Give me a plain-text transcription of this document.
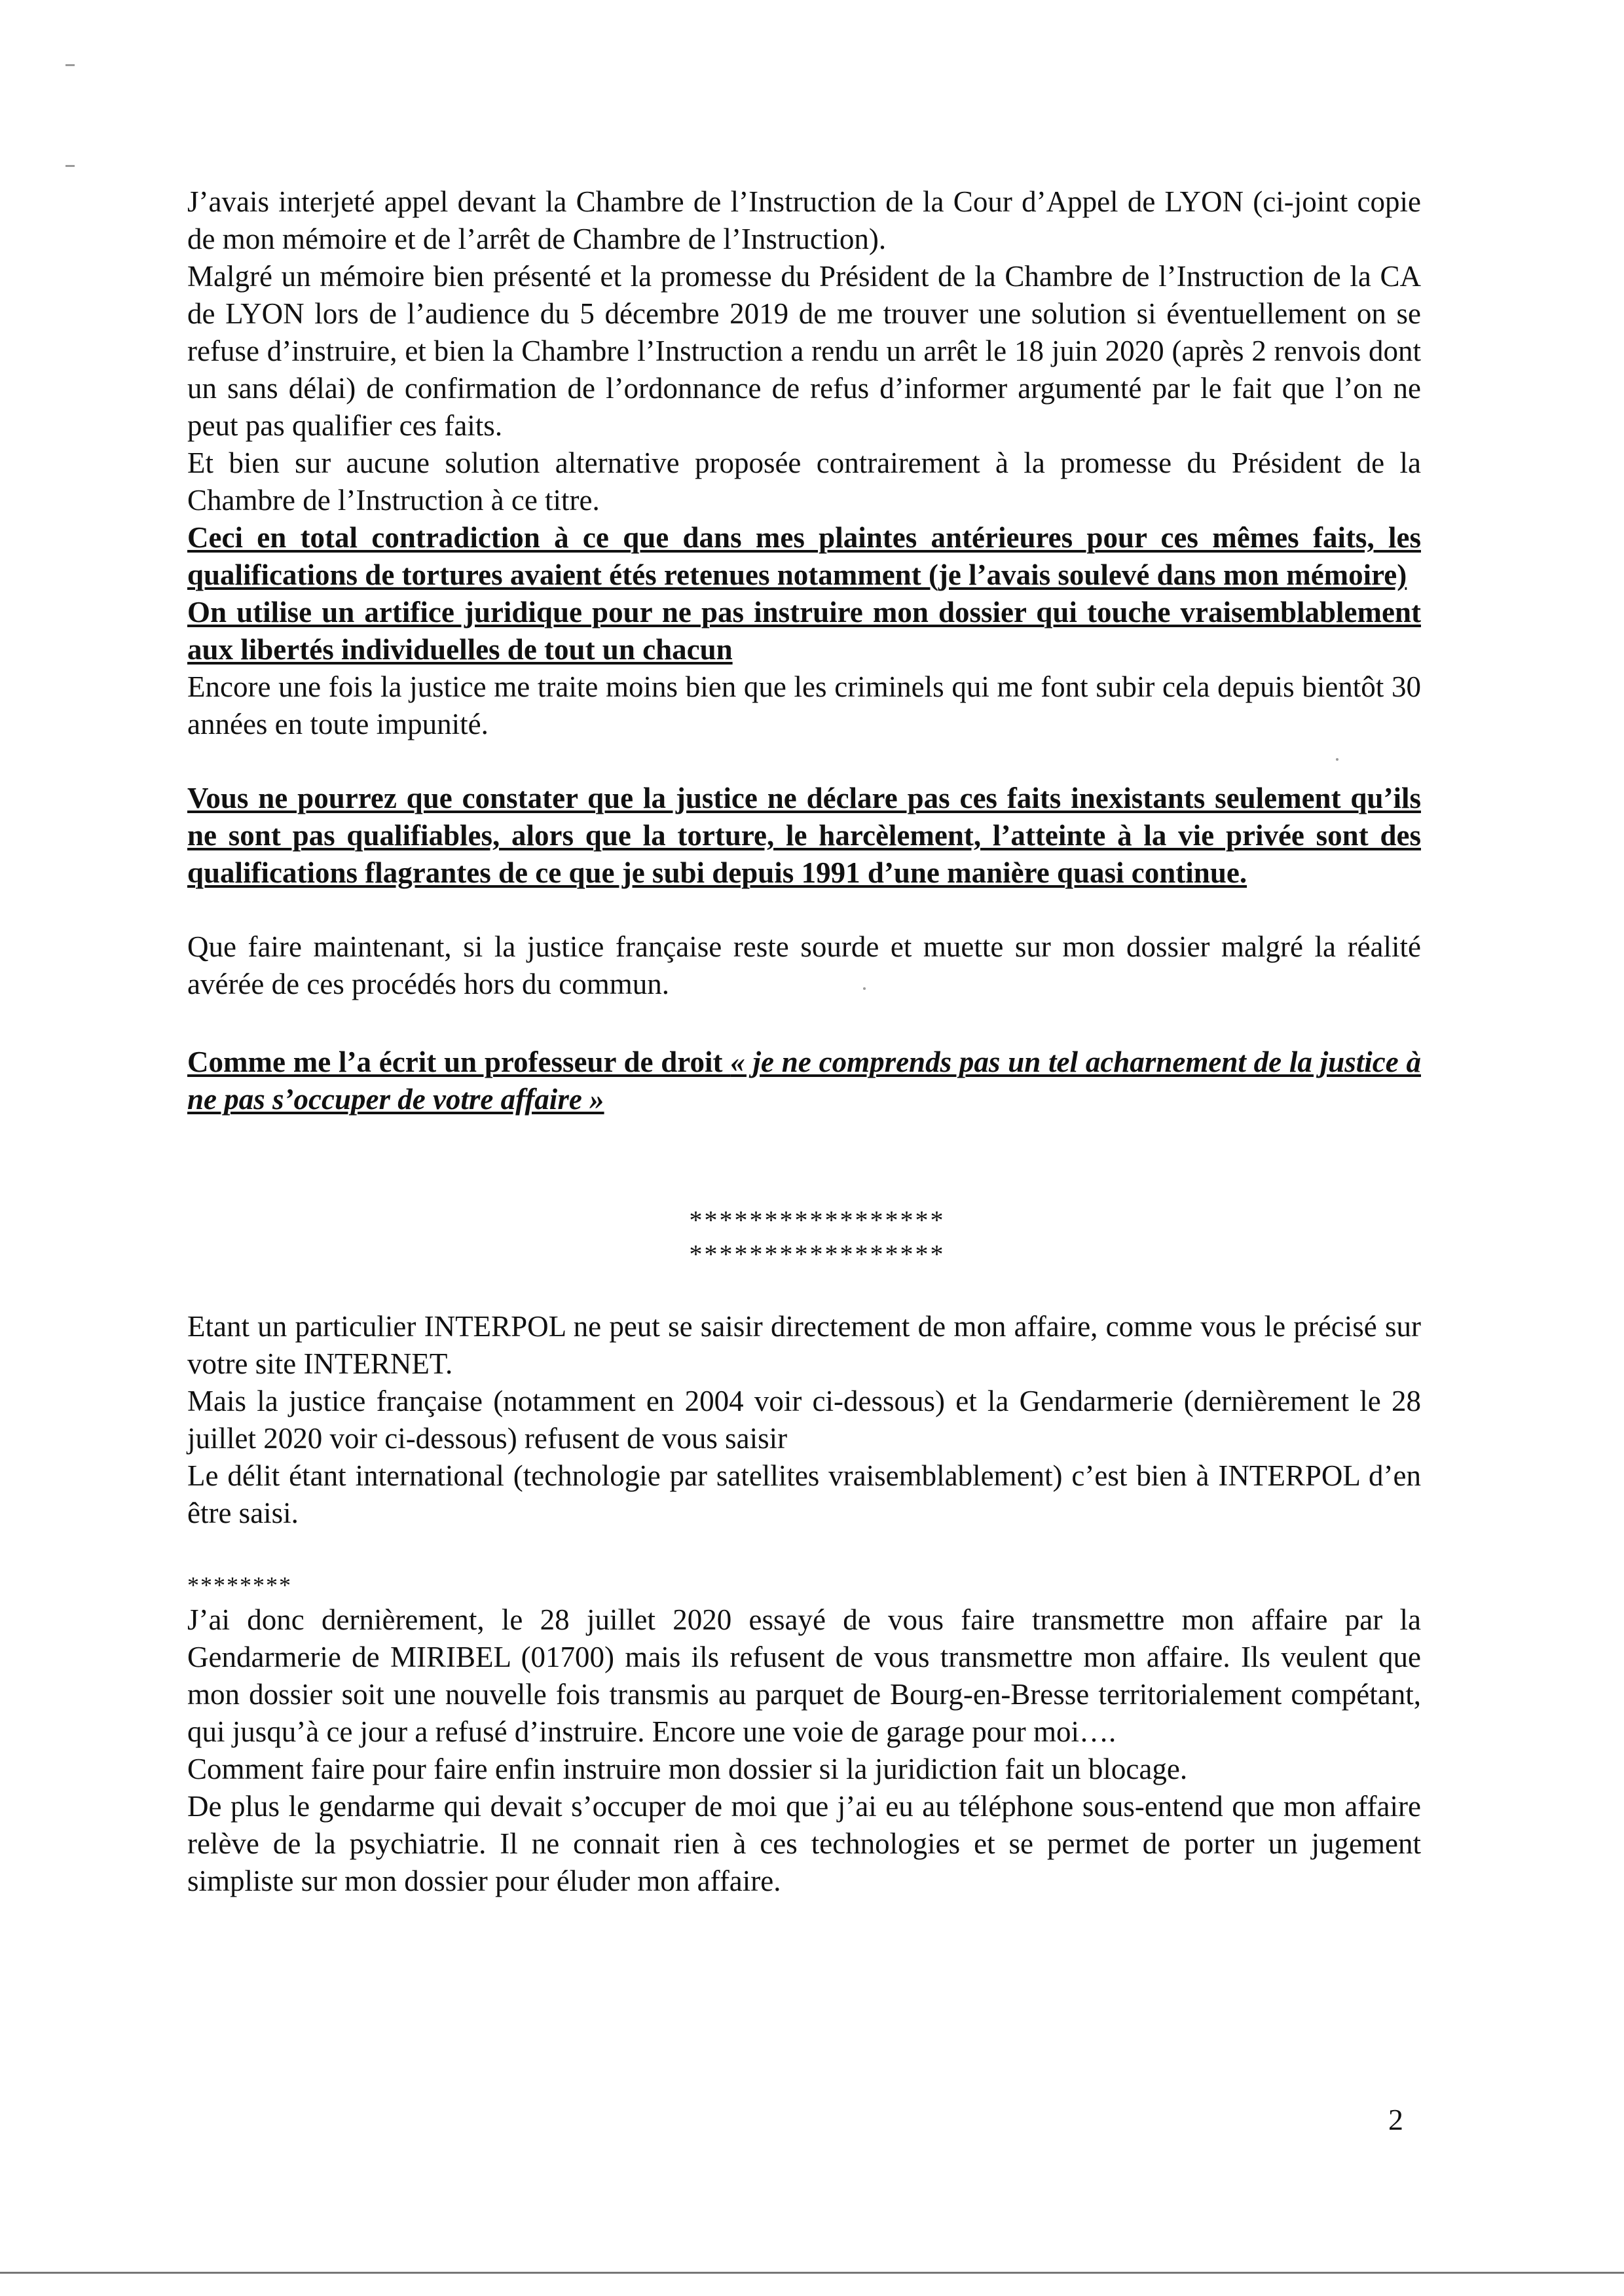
J’avais interjeté appel devant la Chambre de l’Instruction de la Cour d’Appel de LYON (ci-joint copie de mon mémoire et de l’arrêt de Chambre de l’Instruction).

Malgré un mémoire bien présenté et la promesse du Président de la Chambre de l’Instruction de la CA de LYON lors de l’audience du 5 décembre 2019 de me trouver une solution si éventuellement on se refuse d’instruire, et bien la Chambre l’Instruction a rendu un arrêt le 18 juin 2020 (après 2 renvois dont un sans délai) de confirmation de l’ordonnance de refus d’informer argumenté par le fait que l’on ne peut pas qualifier ces faits.

Et bien sur aucune solution alternative proposée contrairement à la promesse du Président de la Chambre de l’Instruction à ce titre.

Ceci en total contradiction à ce que dans mes plaintes antérieures pour ces mêmes faits, les qualifications de tortures avaient étés retenues notamment (je l’avais soulevé dans mon mémoire)

On utilise un artifice juridique pour ne pas instruire mon dossier qui touche vraisemblablement aux libertés individuelles de tout un chacun

Encore une fois la justice me traite moins bien que les criminels qui me font subir cela depuis bientôt 30 années en toute impunité.

Vous ne pourrez que constater que la justice ne déclare pas ces faits inexistants seulement qu’ils ne sont pas qualifiables, alors que la torture, le harcèlement, l’atteinte à la vie privée sont des qualifications flagrantes de ce que je subi depuis 1991 d’une manière quasi continue.

Que faire maintenant, si la justice française reste sourde et muette sur mon dossier malgré la réalité avérée de ces procédés hors du commun.

Comme me l’a écrit un professeur de droit « je ne comprends pas un tel acharnement de la justice à ne pas s’occuper de votre affaire »

*****************

*****************

Etant un particulier INTERPOL ne peut se saisir directement de mon affaire, comme vous le précisé sur votre site INTERNET.

Mais la justice française (notamment en 2004 voir ci-dessous) et la Gendarmerie (dernièrement le 28 juillet 2020 voir ci-dessous) refusent de vous saisir

Le délit étant international (technologie par satellites vraisemblablement) c’est bien à INTERPOL d’en être saisi.

********

J’ai donc dernièrement, le 28 juillet 2020 essayé de vous faire transmettre mon affaire par la Gendarmerie de MIRIBEL (01700) mais ils refusent de vous transmettre mon affaire. Ils veulent que mon dossier soit une nouvelle fois transmis au parquet de Bourg-en-Bresse territorialement compétant, qui jusqu’à ce jour a refusé d’instruire. Encore une voie de garage pour moi….

Comment faire pour faire enfin instruire mon dossier si la juridiction fait un blocage.

De plus le gendarme qui devait s’occuper de moi que j’ai eu au téléphone sous-entend que mon affaire relève de la psychiatrie. Il ne connait rien à ces technologies et se permet de porter un jugement simpliste sur mon dossier pour éluder mon affaire.

2
